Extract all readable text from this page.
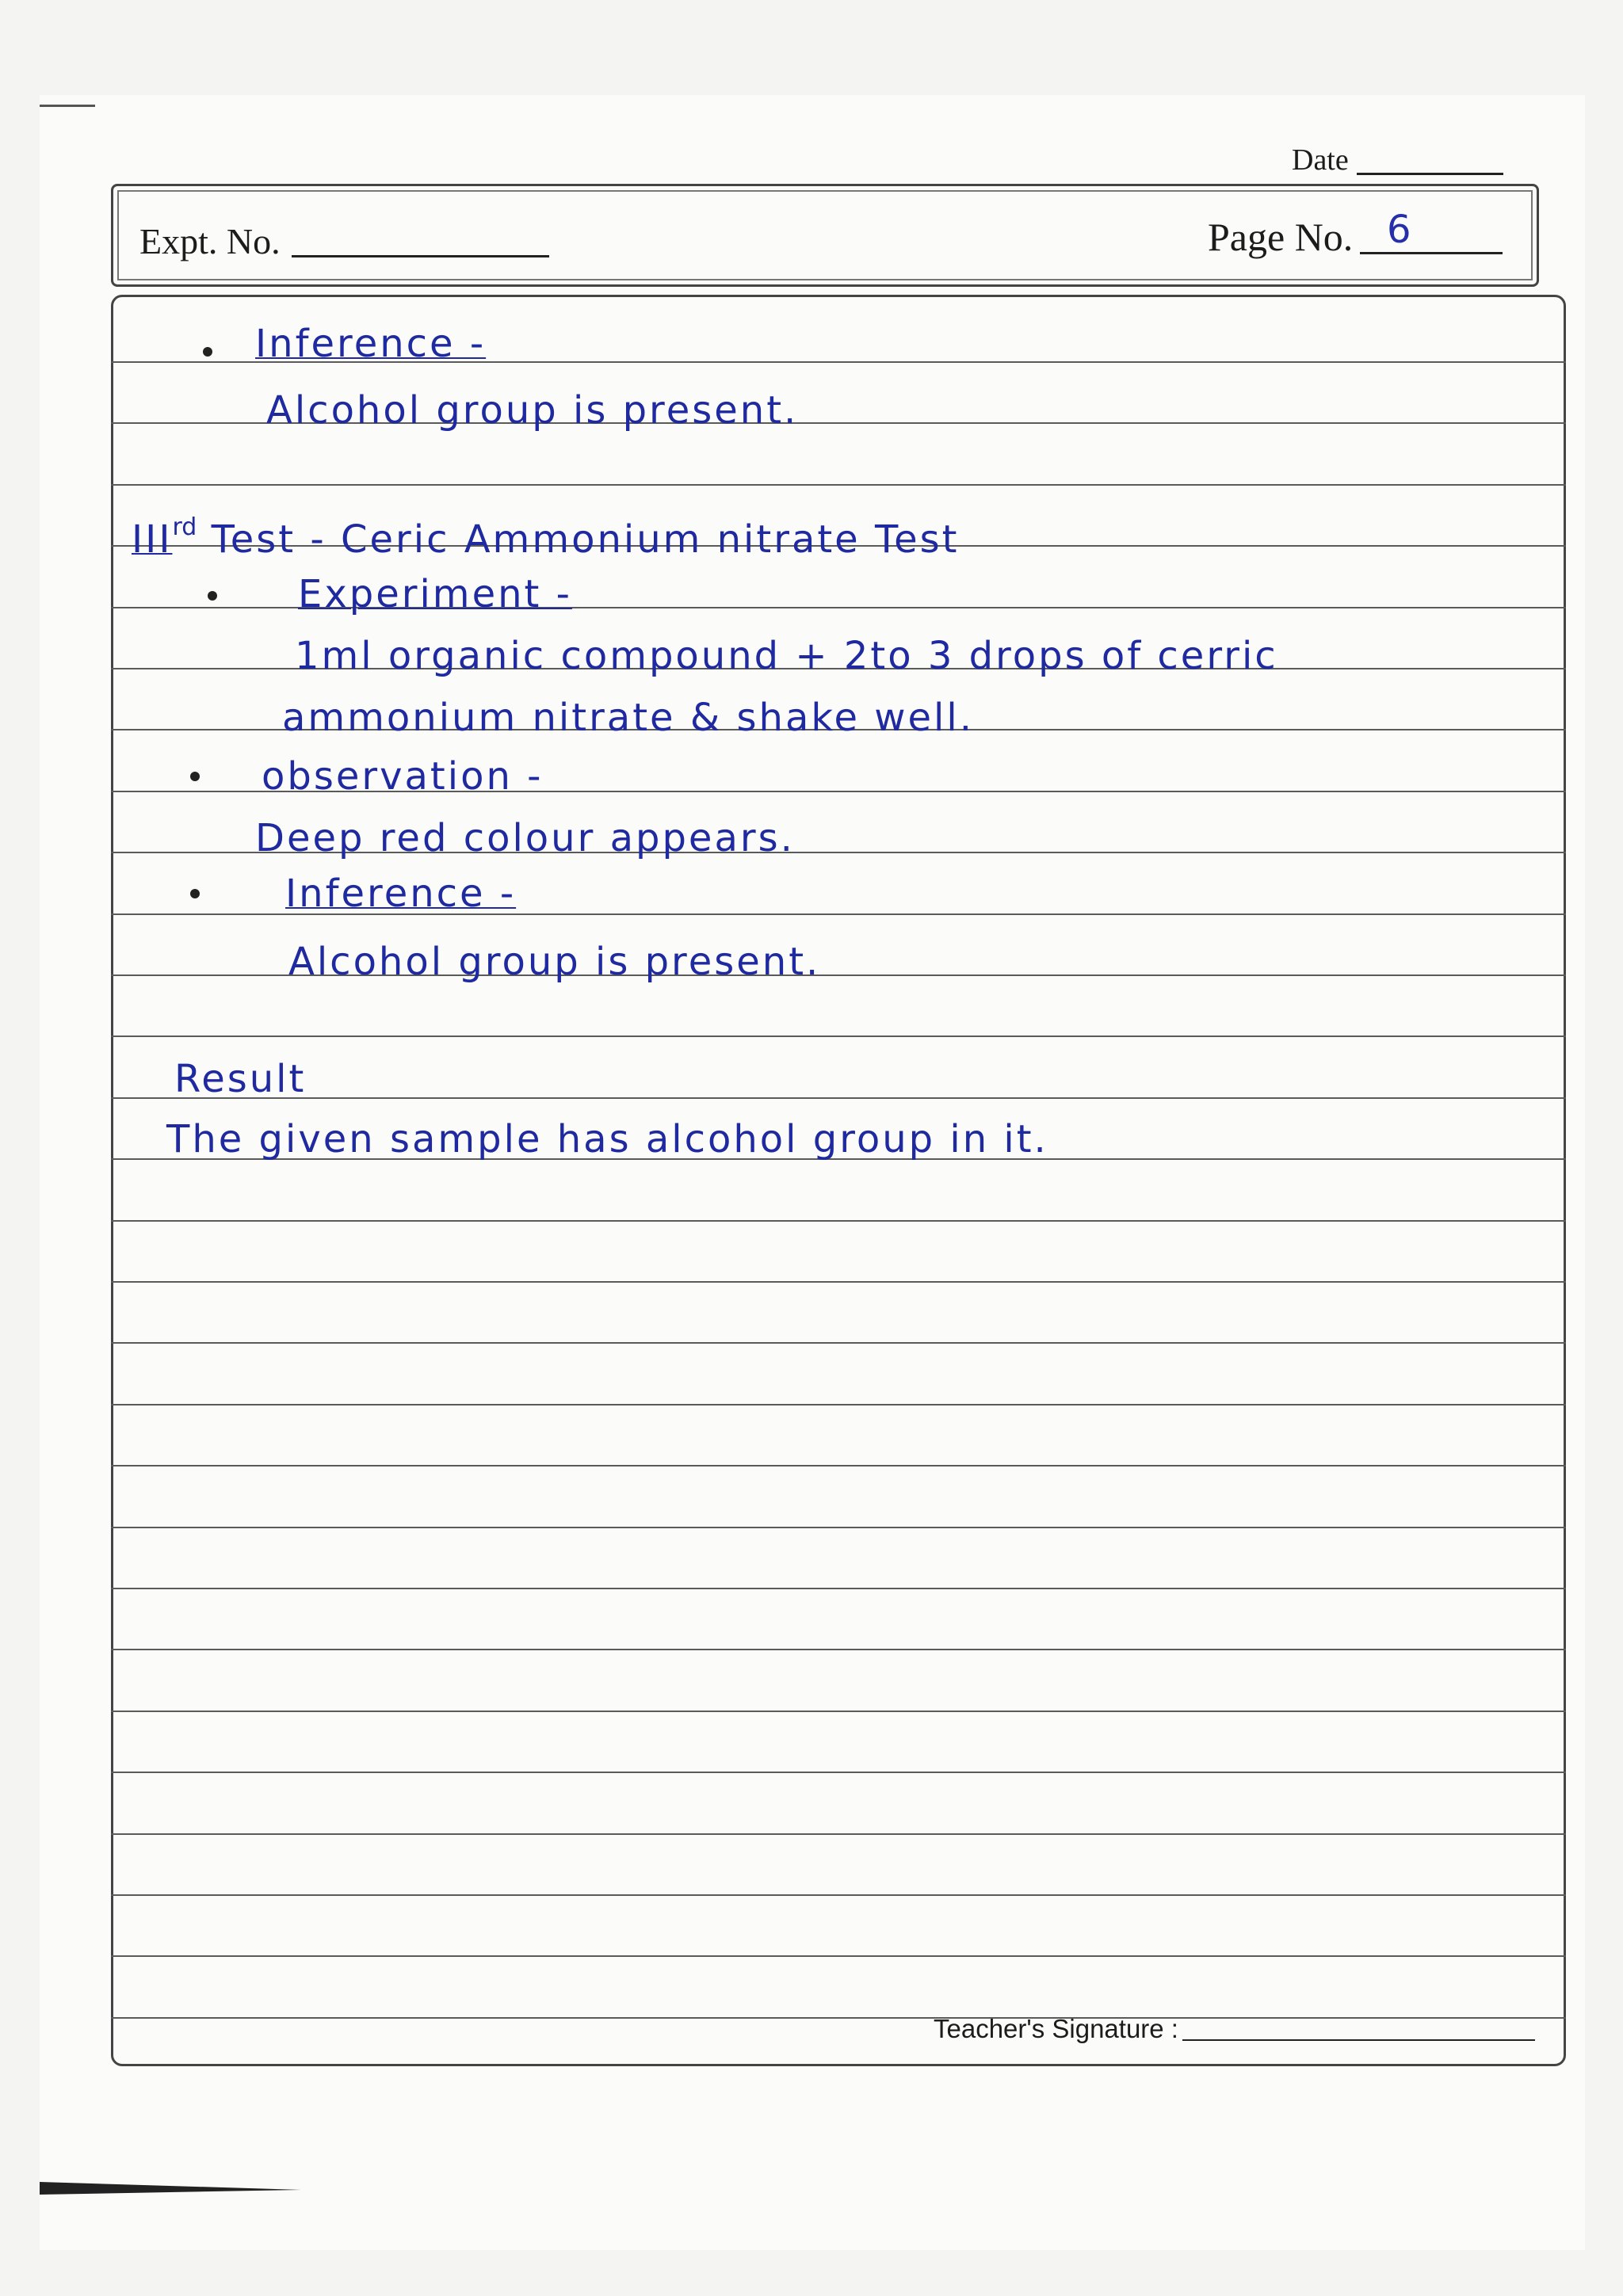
Date
Expt. No.	Page No. 6
Inference -
Alcohol group is present.
IIIrd Test - Ceric Ammonium nitrate Test
Experiment -
1ml organic compound + 2to 3 drops of cerric
ammonium nitrate & shake well.
observation -
Deep red colour appears.
Inference -
Alcohol group is present.
Result
The given sample has alcohol group in it.
Teacher's Signature :
